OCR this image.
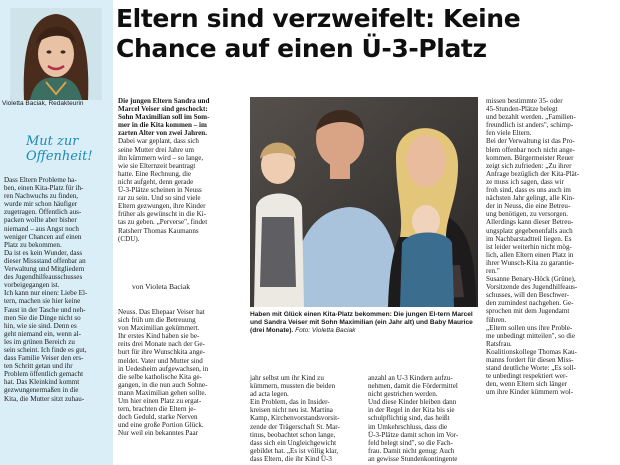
Violetta Baciak, Redakteurin
Mut zur Offenheit!

Dass Eltern Probleme ha-

ben, einen Kita-Platz für ih-

ren Nachwuchs zu finden,

wurde mir schon häufiger

zugetragen. Öffentlich aus-

packen wollte aber bisher

niemand – aus Angst noch

weniger Chancen auf einen

Platz zu bekommen.

Da ist es kein Wunder, dass

dieser Missstand offenbar an

Verwaltung und Mitgliedern

des Jugendhilfeausschusses

vorbeigegangen ist.

Ich kann nur einen: Liebe El-

tern, machen sie hier keine

Faust in der Tasche und neh-

men Sie die Dinge nicht so

hin, wie sie sind. Denn es

geht niemand ein, wenn al-

les im grünen Bereich zu

sein scheint. Ich finde es gut,

dass Familie Veiser den ers-

ten Schritt getan und ihr

Problem öffentlich gemacht

hat. Das Kleinkind kommt

gezwungenermaßen in die

Kita, die Mutter sitzt zuhau-

Eltern sind verzweifelt: Keine
Chance auf einen Ü-3-Platz

Die jungen Eltern Sandra und

Marcel Veiser sind geschockt:

Sohn Maximilian soll im Som-

mer in die Kita kommen – im

zarten Alter von zwei Jahren.

Dabei war geplant, dass sich

seine Mutter drei Jahre um

ihn kümmern wird – so lange,

wie sie Elternzeit beantragt

hatte. Eine Rechnung, die

nicht aufgeht, denn gerade

Ü-3-Plätze scheinen in Neuss

rar zu sein. Und so sind viele

Eltern gezwungen, ihre Kinder

früher als gewünscht in die Ki-

tas zu geben. „Perverse", findet

Ratsherr Thomas Kaumanns

(CDU).

von Violeta Baciak

Neuss. Das Ehepaar Veiser hat

sich früh um die Betreuung

von Maximilian gekümmert.

Ihr erstes Kind haben sie be-

reits drei Monate nach der Ge-

burt für ihre Wunschkita ange-

meldet. Vater und Mutter sind

in Uedesheim aufgewachsen, in

die selbe katholische Kita ge-

gangen, in die nun auch Sohne-

mann Maximilian gehen sollte.

Um hier einen Platz zu ergat-

tern, brachten die Eltern je-

doch Geduld, starke Nerven

und eine große Portion Glück.

Nur weil ein bekanntes Paar

Haben mit Glück einen Kita-Platz bekommen: Die jungen El-tern Marcel und Sandra Veiser mit Sohn Maximilian (ein Jahr alt) und Baby Maurice (drei Monate). Foto: Violetta Baciak

jahr selbst um ihr Kind zu

kümmern, mussten die beiden

ad acta legen.

Ein Problem, das in Insider-

kreisen nicht neu ist. Martina

Kamp, Kirchenvorstandsvorsit-

zende der Trägerschaft St. Mar-

tinus, beobachtet schon lange,

dass sich ein Ungleichgewicht

gebildet hat. „Es ist völlig klar,

dass Eltern, die ihr Kind Ü-3

anzahl an U-3 Kindern aufzu-

nehmen, damit die Fördermittel

nicht gestrichen werden.

Und diese Kinder bleiben dann

in der Regel in der Kita bis sie

schulpflichtig sind, das heißt

im Umkehrschluss, dass die

Ü-3-Plätze damit schon im Vor-

feld belegt sind", so die Fach-

frau. Damit nicht genug: Auch

an gewisse Stundenkontingente

missen bestimmte 35- oder

45-Stunden-Plätze belegt

und bezahlt werden. „Familien-

freundlich ist anders", schimp-

fen viele Eltern.

Bei der Verwaltung ist das Pro-

blem offenbar noch nicht ange-

kommen. Bürgermeister Reuer

zeigt sich zufrieden: „Zu ihrer

Anfrage bezüglich der Kita-Plät-

ze muss ich sagen, dass wir

froh sind, dass es uns auch im

nächsten Jahr gelingt, alle Kin-

der in Neuss, die eine Betreu-

ung benötigen, zu versorgen.

Allerdings kann dieser Betreu-

ungsplatz gegebenenfalls auch

im Nachbarstadtteil liegen. Es

ist leider weiterhin nicht mög-

lich, allen Eltern einen Platz in

ihrer Wunsch-Kita zu garantie-

ren."

Susanne Benary-Höck (Grüne),

Vorsitzende des Jugendhilfeaus-

schusses, will den Beschwer-

den zumindest nachgehen. Ge-

sprochen mit dem Jugendamt

führen.

„Eltern sollen uns ihre Proble-

me unbedingt mitteilen", so die

Ratsfrau.

Koalitionskollege Thomas Kau-

manns fordert für diesen Miss-

stand deutliche Worte: „Es soll-

te unbedingt respektiert wer-

den, wenn Eltern sich länger

um ihre Kinder kümmern wol-
